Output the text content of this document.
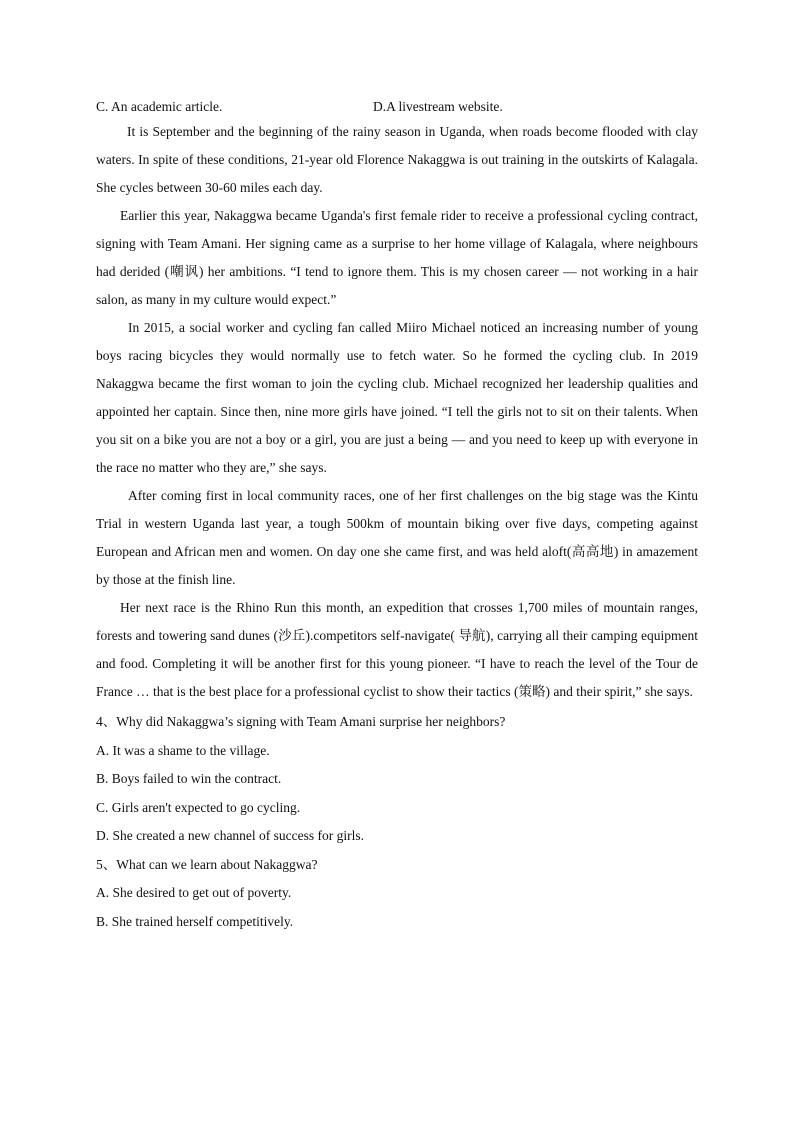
C. An academic article.	D.A livestream website.

It is September and the beginning of the rainy season in Uganda, when roads become flooded with clay waters. In spite of these conditions, 21-year old Florence Nakaggwa is out training in the outskirts of Kalagala. She cycles between 30-60 miles each day.

Earlier this year, Nakaggwa became Uganda's first female rider to receive a professional cycling contract, signing with Team Amani. Her signing came as a surprise to her home village of Kalagala, where neighbours had derided (嘲讽) her ambitions. “I tend to ignore them. This is my chosen career — not working in a hair salon, as many in my culture would expect.”

In 2015, a social worker and cycling fan called Miiro Michael noticed an increasing number of young boys racing bicycles they would normally use to fetch water. So he formed the cycling club. In 2019 Nakaggwa became the first woman to join the cycling club. Michael recognized her leadership qualities and appointed her captain. Since then, nine more girls have joined. “I tell the girls not to sit on their talents. When you sit on a bike you are not a boy or a girl, you are just a being — and you need to keep up with everyone in the race no matter who they are,” she says.

After coming first in local community races, one of her first challenges on the big stage was the Kintu Trial in western Uganda last year, a tough 500km of mountain biking over five days, competing against European and African men and women. On day one she came first, and was held aloft(高高地) in amazement by those at the finish line.

Her next race is the Rhino Run this month, an expedition that crosses 1,700 miles of mountain ranges, forests and towering sand dunes (沙丘).competitors self-navigate( 导航), carrying all their camping equipment and food. Completing it will be another first for this young pioneer. “I have to reach the level of the Tour de France … that is the best place for a professional cyclist to show their tactics (策略) and their spirit,” she says.

4、Why did Nakaggwa’s signing with Team Amani surprise her neighbors?

A. It was a shame to the village.

B. Boys failed to win the contract.

C. Girls aren't expected to go cycling.

D. She created a new channel of success for girls.

5、What can we learn about Nakaggwa?

A. She desired to get out of poverty.

B. She trained herself competitively.
